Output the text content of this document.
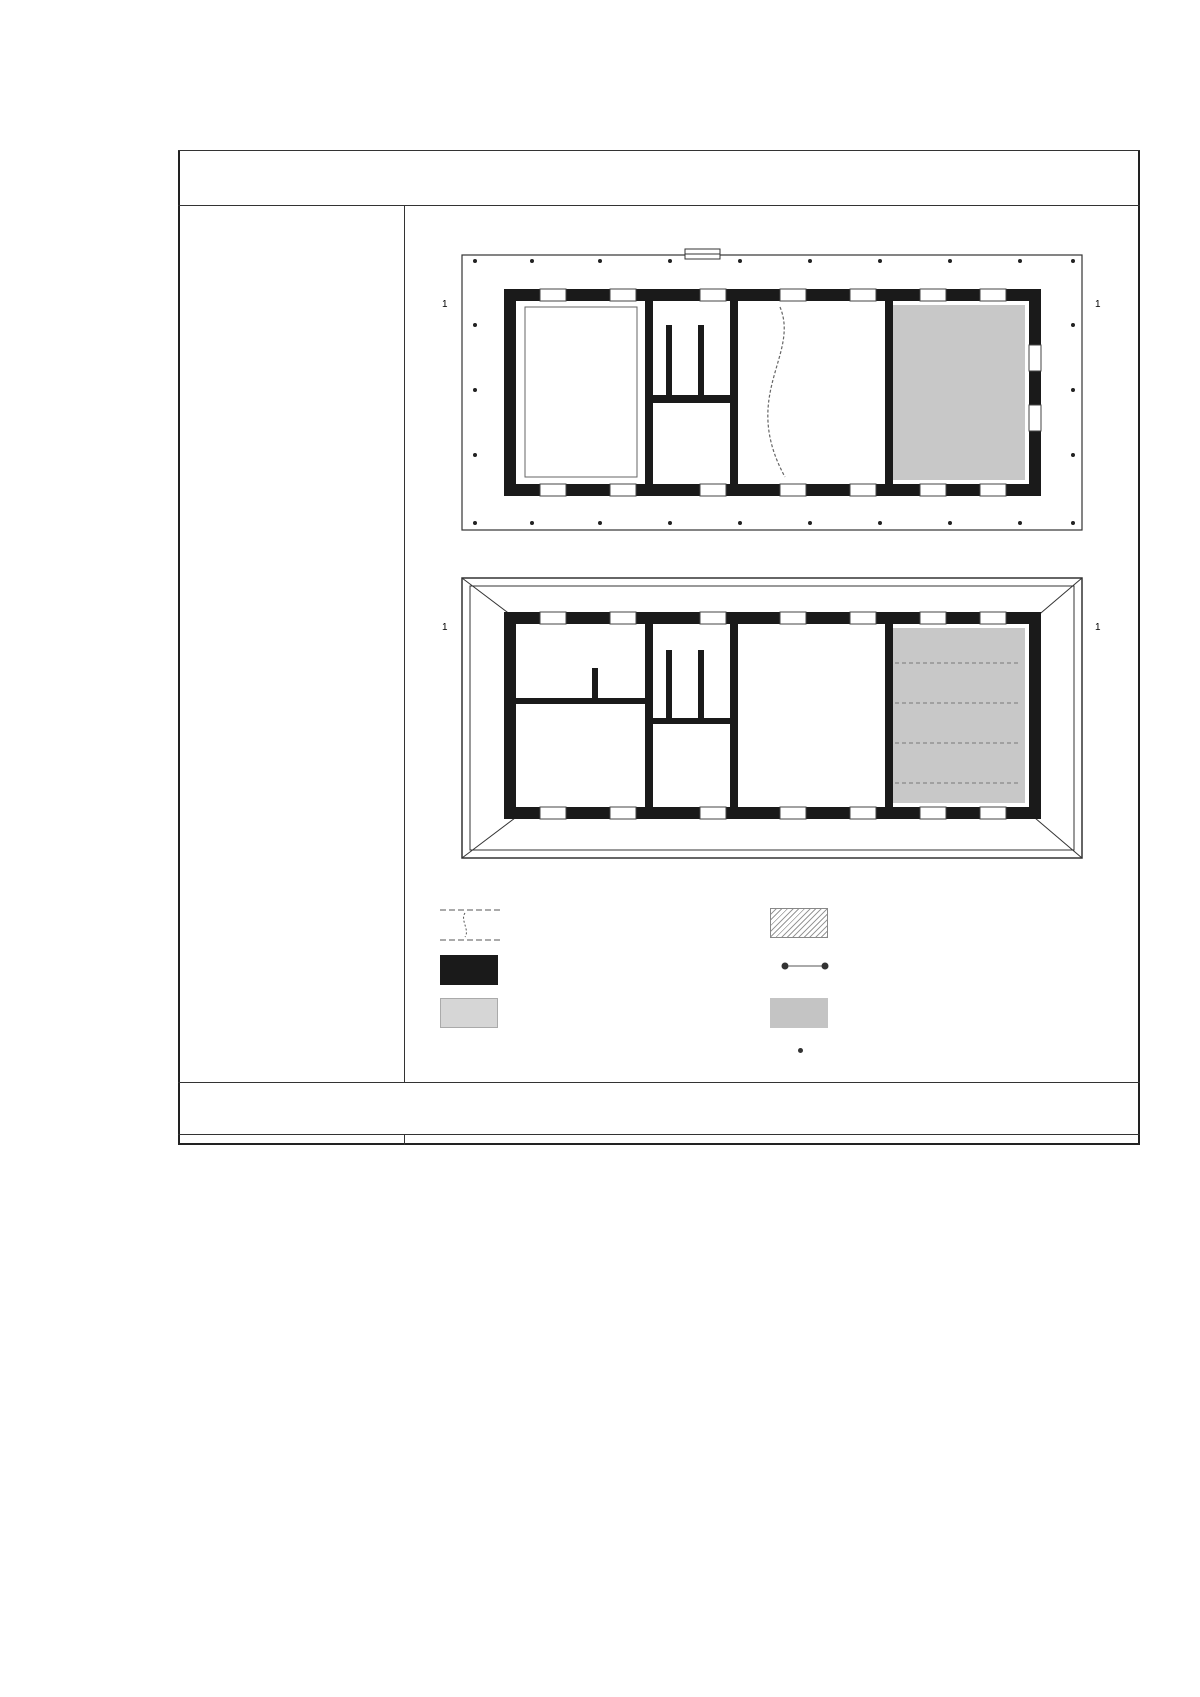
1	1
1	1
